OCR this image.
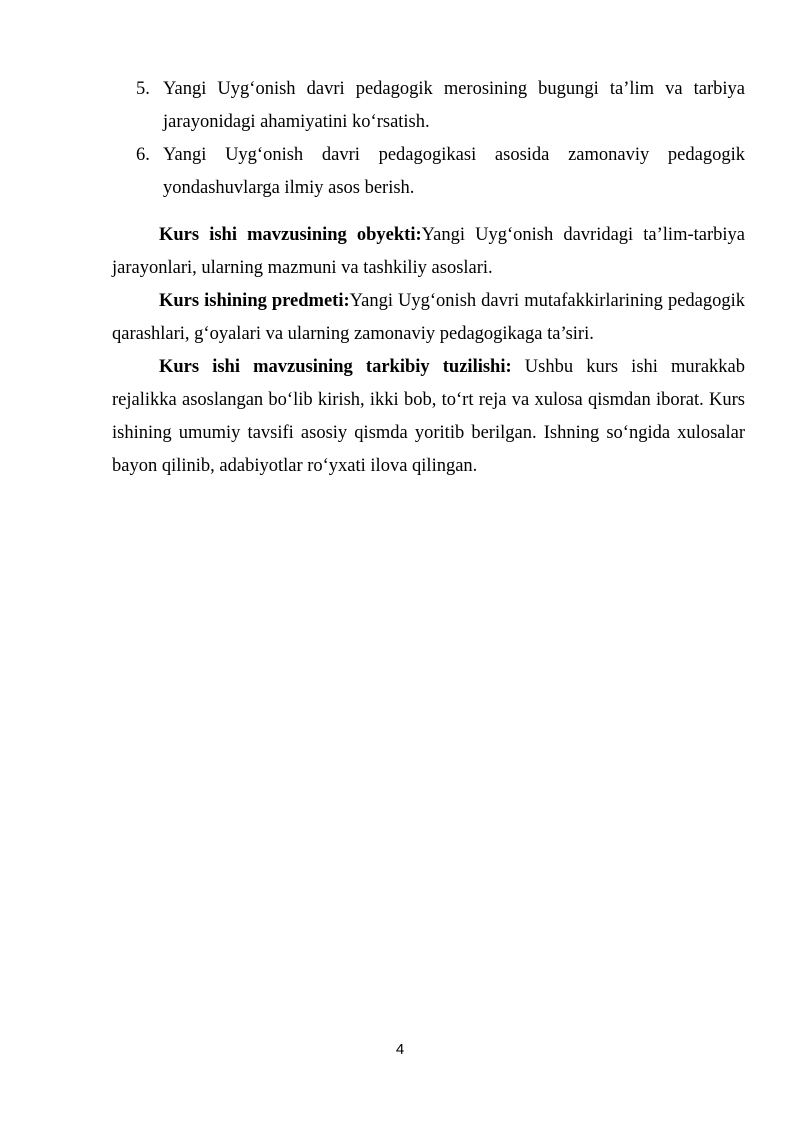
5. Yangi Uyg‘onish davri pedagogik merosining bugungi ta’lim va tarbiya jarayonidagi ahamiyatini ko‘rsatish.
6. Yangi Uyg‘onish davri pedagogikasi asosida zamonaviy pedagogik yondashuvlarga ilmiy asos berish.

Kurs ishi mavzusining obyekti:Yangi Uyg‘onish davridagi ta’lim-tarbiya jarayonlari, ularning mazmuni va tashkiliy asoslari.

Kurs ishining predmeti:Yangi Uyg‘onish davri mutafakkirlarining pedagogik qarashlari, g‘oyalari va ularning zamonaviy pedagogikaga ta’siri.

Kurs ishi mavzusining tarkibiy tuzilishi: Ushbu kurs ishi murakkab rejalikka asoslangan bo‘lib kirish, ikki bob, to‘rt reja va xulosa qismdan iborat. Kurs ishining umumiy tavsifi asosiy qismda yoritib berilgan. Ishning so‘ngida xulosalar bayon qilinib, adabiyotlar ro‘yxati ilova qilingan.

4
